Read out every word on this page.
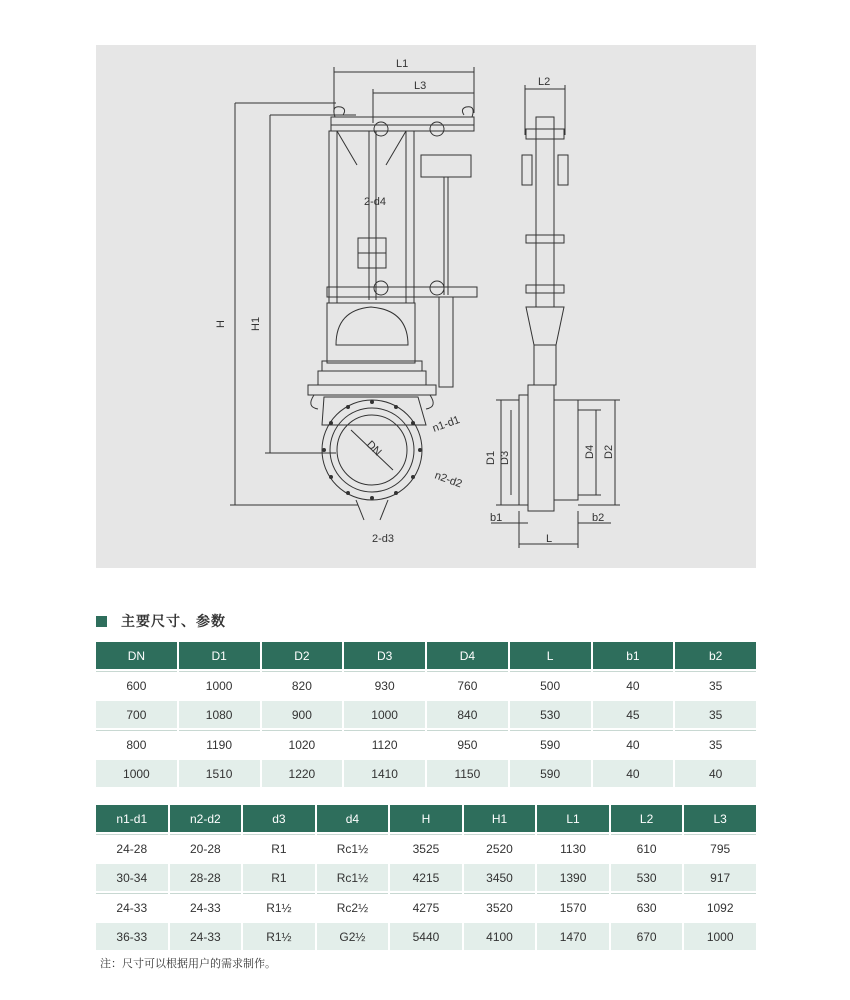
L1
L3
H H1
2-d4
n1-d1
n2-d2
2-d3
DN
L2
D1 D3	D4 D2
b1	b2
L
主要尺寸、参数
DN	D1	D2	D3	D4	L	b1	b2
600	1000	820	930	760	500	40	35
700	1080	900	1000	840	530	45	35
800	1190	1020	1120	950	590	40	35
1000	1510	1220	1410	1150	590	40	40
n1-d1	n2-d2	d3	d4	H	H1	L1	L2	L3
24-28	20-28	R1	Rc1½	3525	2520	1130	610	795
30-34	28-28	R1	Rc1½	4215	3450	1390	530	917
24-33	24-33	R1½	Rc2½	4275	3520	1570	630	1092
36-33	24-33	R1½	G2½	5440	4100	1470	670	1000
注：尺寸可以根据用户的需求制作。
